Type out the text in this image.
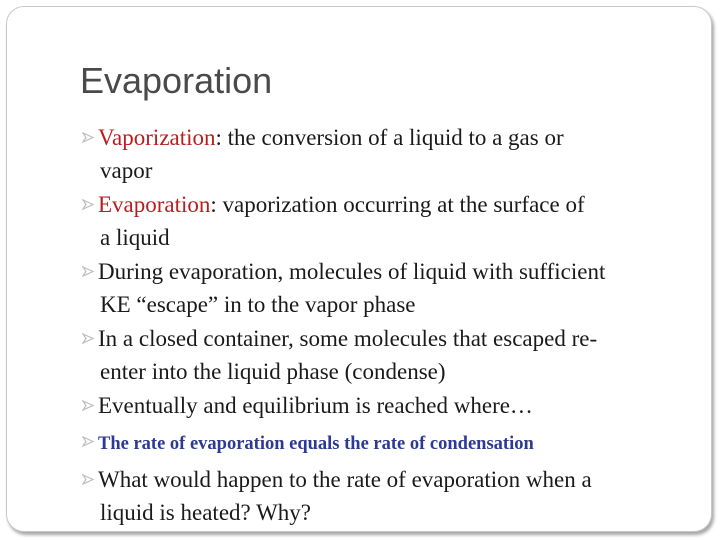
Evaporation
Vaporization: the conversion of a liquid to a gas or
vapor
Evaporation: vaporization occurring at the surface of
a liquid
During evaporation, molecules of liquid with sufficient
KE “escape” in to the vapor phase
In a closed container, some molecules that escaped re-
enter into the liquid phase (condense)
Eventually and equilibrium is reached where…
The rate of evaporation equals the rate of condensation
What would happen to the rate of evaporation when a
liquid is heated? Why?
